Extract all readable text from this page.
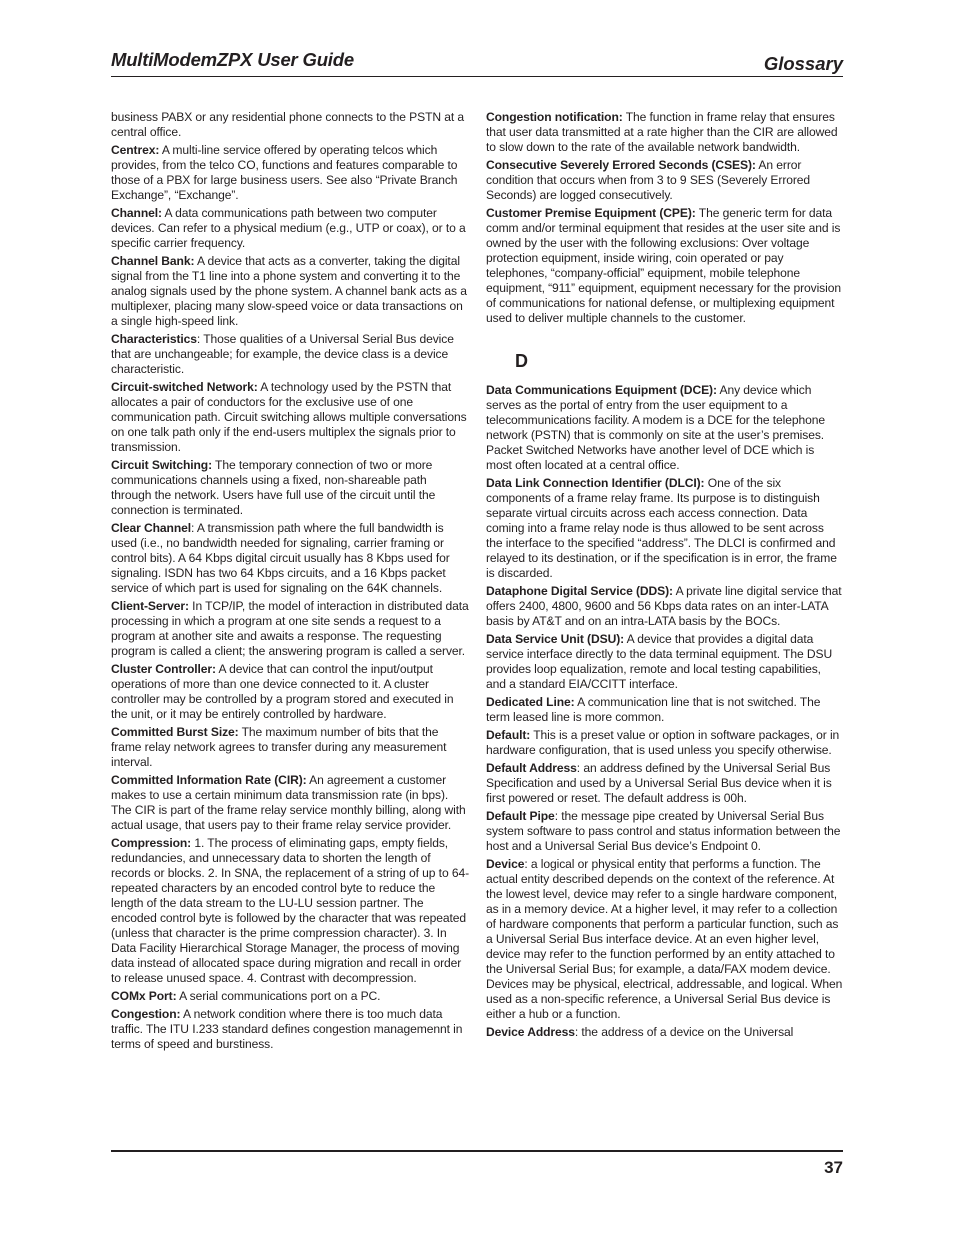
MultiModemZPX User Guide	Glossary

business PABX or any residential phone connects to the PSTN at a central office.

Centrex: A multi-line service offered by operating telcos which provides, from the telco CO, functions and features comparable to those of a PBX for large business users. See also “Private Branch Exchange”, “Exchange”.

Channel: A data communications path between two computer devices. Can refer to a physical medium (e.g., UTP or coax), or to a specific carrier frequency.

Channel Bank: A device that acts as a converter, taking the digital signal from the T1 line into a phone system and converting it to the analog signals used by the phone system. A channel bank acts as a multiplexer, placing many slow-speed voice or data transactions on a single high-speed link.

Characteristics: Those qualities of a Universal Serial Bus device that are unchangeable; for example, the device class is a device characteristic.

Circuit-switched Network: A technology used by the PSTN that allocates a pair of conductors for the exclusive use of one communication path. Circuit switching allows multiple conversations on one talk path only if the end-users multiplex the signals prior to transmission.

Circuit Switching: The temporary connection of two or more communications channels using a fixed, non-shareable path through the network. Users have full use of the circuit until the connection is terminated.

Clear Channel: A transmission path where the full bandwidth is used (i.e., no bandwidth needed for signaling, carrier framing or control bits). A 64 Kbps digital circuit usually has 8 Kbps used for signaling. ISDN has two 64 Kbps circuits, and a 16 Kbps packet service of which part is used for signaling on the 64K channels.

Client-Server: In TCP/IP, the model of interaction in distributed data processing in which a program at one site sends a request to a program at another site and awaits a response. The requesting program is called a client; the answering program is called a server.

Cluster Controller: A device that can control the input/output operations of more than one device connected to it. A cluster controller may be controlled by a program stored and executed in the unit, or it may be entirely controlled by hardware.

Committed Burst Size: The maximum number of bits that the frame relay network agrees to transfer during any measurement interval.

Committed Information Rate (CIR): An agreement a customer makes to use a certain minimum data transmission rate (in bps). The CIR is part of the frame relay service monthly billing, along with actual usage, that users pay to their frame relay service provider.

Compression: 1. The process of eliminating gaps, empty fields, redundancies, and unnecessary data to shorten the length of records or blocks. 2. In SNA, the replacement of a string of up to 64-repeated characters by an encoded control byte to reduce the length of the data stream to the LU-LU session partner. The encoded control byte is followed by the character that was repeated (unless that character is the prime compression character). 3. In Data Facility Hierarchical Storage Manager, the process of moving data instead of allocated space during migration and recall in order to release unused space. 4. Contrast with decompression.

COMx Port: A serial communications port on a PC.

Congestion: A network condition where there is too much data traffic. The ITU I.233 standard defines congestion managemennt in terms of speed and burstiness.

Congestion notification: The function in frame relay that ensures that user data transmitted at a rate higher than the CIR are allowed to slow down to the rate of the available network bandwidth.

Consecutive Severely Errored Seconds (CSES): An error condition that occurs when from 3 to 9 SES (Severely Errored Seconds) are logged consecutively.

Customer Premise Equipment (CPE): The generic term for data comm and/or terminal equipment that resides at the user site and is owned by the user with the following exclusions: Over voltage protection equipment, inside wiring, coin operated or pay telephones, “company-official” equipment, mobile telephone equipment, “911” equipment, equipment necessary for the provision of communications for national defense, or multiplexing equipment used to deliver multiple channels to the customer.

D

Data Communications Equipment (DCE): Any device which serves as the portal of entry from the user equipment to a telecommunications facility. A modem is a DCE for the telephone network (PSTN) that is commonly on site at the user’s premises. Packet Switched Networks have another level of DCE which is most often located at a central office.

Data Link Connection Identifier (DLCI): One of the six components of a frame relay frame. Its purpose is to distinguish separate virtual circuits across each access connection. Data coming into a frame relay node is thus allowed to be sent across the interface to the specified “address”. The DLCI is confirmed and relayed to its destination, or if the specification is in error, the frame is discarded.

Dataphone Digital Service (DDS): A private line digital service that offers 2400, 4800, 9600 and 56 Kbps data rates on an inter-LATA basis by AT&T and on an intra-LATA basis by the BOCs.

Data Service Unit (DSU): A device that provides a digital data service interface directly to the data terminal equipment. The DSU provides loop equalization, remote and local testing capabilities, and a standard EIA/CCITT interface.

Dedicated Line: A communication line that is not switched. The term leased line is more common.

Default: This is a preset value or option in software packages, or in hardware configuration, that is used unless you specify otherwise.

Default Address: an address defined by the Universal Serial Bus Specification and used by a Universal Serial Bus device when it is first powered or reset. The default address is 00h.

Default Pipe: the message pipe created by Universal Serial Bus system software to pass control and status information between the host and a Universal Serial Bus device’s Endpoint 0.

Device: a logical or physical entity that performs a function. The actual entity described depends on the context of the reference. At the lowest level, device may refer to a single hardware component, as in a memory device. At a higher level, it may refer to a collection of hardware components that perform a particular function, such as a Universal Serial Bus interface device. At an even higher level, device may refer to the function performed by an entity attached to the Universal Serial Bus; for example, a data/FAX modem device. Devices may be physical, electrical, addressable, and logical. When used as a non-specific reference, a Universal Serial Bus device is either a hub or a function.

Device Address: the address of a device on the Universal

37
